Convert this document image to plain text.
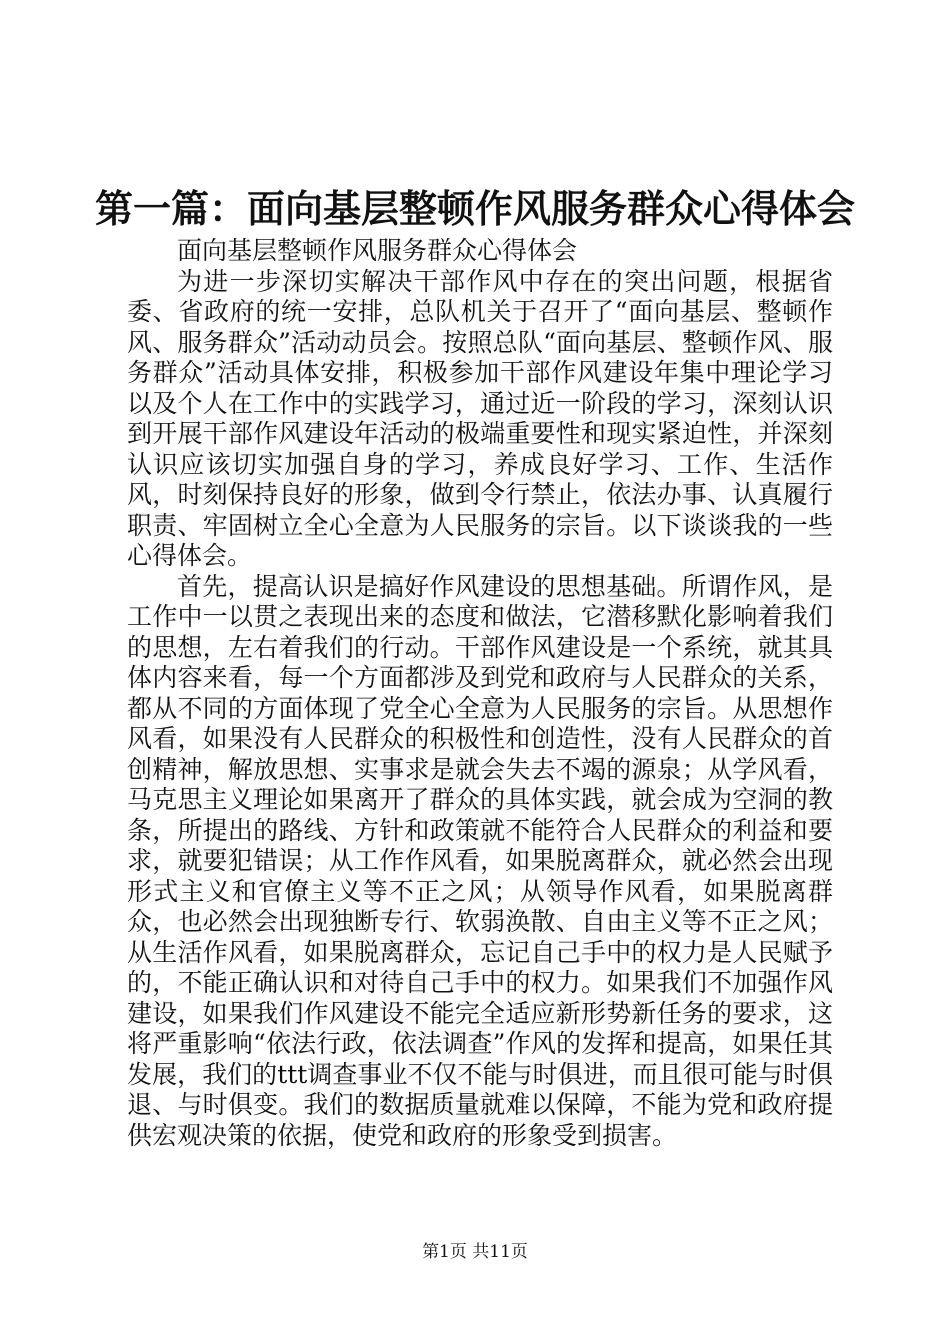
第一篇：面向基层整顿作风服务群众心得体会

面向基层整顿作风服务群众心得体会

为进一步深切实解决干部作风中存在的突出问题，根据省委、省政府的统一安排，总队机关于召开了“面向基层、整顿作风、服务群众”活动动员会。按照总队“面向基层、整顿作风、服务群众”活动具体安排，积极参加干部作风建设年集中理论学习以及个人在工作中的实践学习，通过近一阶段的学习，深刻认识到开展干部作风建设年活动的极端重要性和现实紧迫性，并深刻认识应该切实加强自身的学习，养成良好学习、工作、生活作风，时刻保持良好的形象，做到令行禁止，依法办事、认真履行职责、牢固树立全心全意为人民服务的宗旨。以下谈谈我的一些心得体会。

首先，提高认识是搞好作风建设的思想基础。所谓作风，是工作中一以贯之表现出来的态度和做法，它潜移默化影响着我们的思想，左右着我们的行动。干部作风建设是一个系统，就其具体内容来看，每一个方面都涉及到党和政府与人民群众的关系，都从不同的方面体现了党全心全意为人民服务的宗旨。从思想作风看，如果没有人民群众的积极性和创造性，没有人民群众的首创精神，解放思想、实事求是就会失去不竭的源泉；从学风看，马克思主义理论如果离开了群众的具体实践，就会成为空洞的教条，所提出的路线、方针和政策就不能符合人民群众的利益和要求，就要犯错误；从工作作风看，如果脱离群众，就必然会出现形式主义和官僚主义等不正之风；从领导作风看，如果脱离群众，也必然会出现独断专行、软弱涣散、自由主义等不正之风；从生活作风看，如果脱离群众，忘记自己手中的权力是人民赋予的，不能正确认识和对待自己手中的权力。如果我们不加强作风建设，如果我们作风建设不能完全适应新形势新任务的要求，这将严重影响“依法行政，依法调查”作风的发挥和提高，如果任其发展，我们的ttt调查事业不仅不能与时俱进，而且很可能与时俱退、与时俱变。我们的数据质量就难以保障，不能为党和政府提供宏观决策的依据，使党和政府的形象受到损害。

第1页 共11页
